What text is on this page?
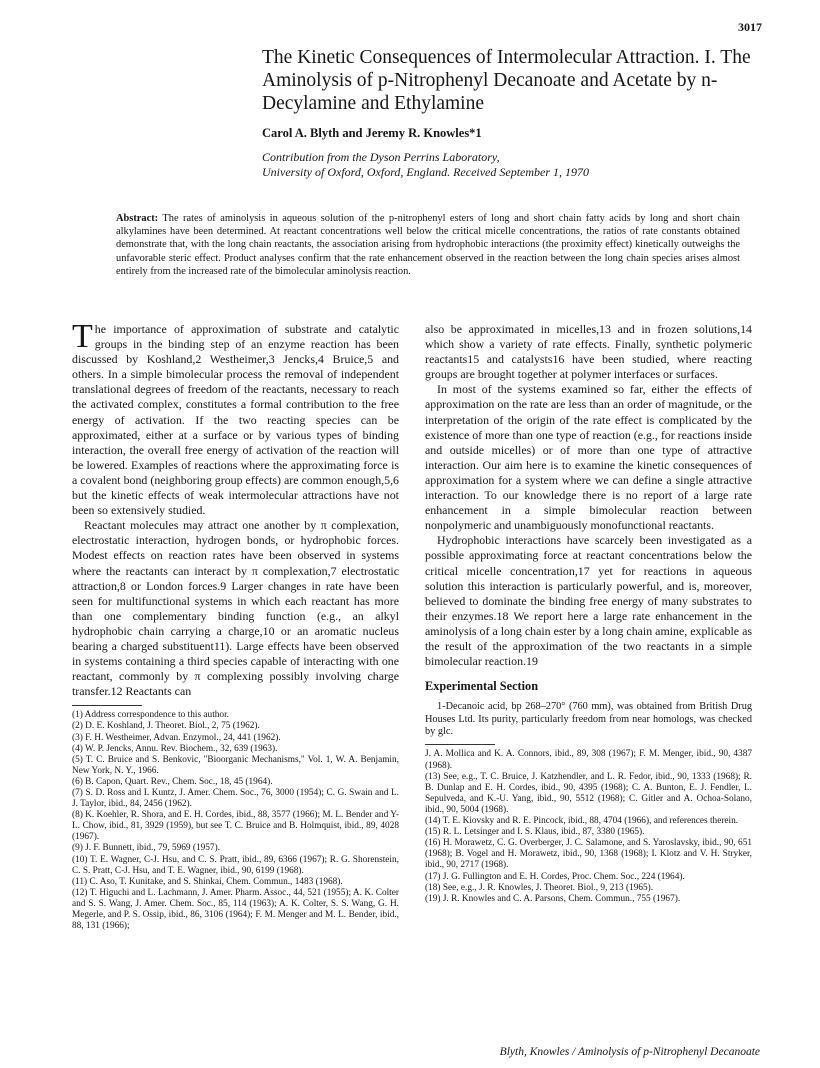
3017
The Kinetic Consequences of Intermolecular Attraction. I. The Aminolysis of p-Nitrophenyl Decanoate and Acetate by n-Decylamine and Ethylamine
Carol A. Blyth and Jeremy R. Knowles*1
Contribution from the Dyson Perrins Laboratory,
University of Oxford, Oxford, England. Received September 1, 1970
Abstract: The rates of aminolysis in aqueous solution of the p-nitrophenyl esters of long and short chain fatty acids by long and short chain alkylamines have been determined. At reactant concentrations well below the critical micelle concentrations, the ratios of rate constants obtained demonstrate that, with the long chain reactants, the association arising from hydrophobic interactions (the proximity effect) kinetically outweighs the unfavorable steric effect. Product analyses confirm that the rate enhancement observed in the reaction between the long chain species arises almost entirely from the increased rate of the bimolecular aminolysis reaction.

The importance of approximation of substrate and catalytic groups in the binding step of an enzyme reaction has been discussed by Koshland,2 Westheimer,3 Jencks,4 Bruice,5 and others. In a simple bimolecular process the removal of independent translational degrees of freedom of the reactants, necessary to reach the activated complex, constitutes a formal contribution to the free energy of activation. If the two reacting species can be approximated, either at a surface or by various types of binding interaction, the overall free energy of activation of the reaction will be lowered. Examples of reactions where the approximating force is a covalent bond (neighboring group effects) are common enough,5,6 but the kinetic effects of weak intermolecular attractions have not been so extensively studied.

Reactant molecules may attract one another by π complexation, electrostatic interaction, hydrogen bonds, or hydrophobic forces. Modest effects on reaction rates have been observed in systems where the reactants can interact by π complexation,7 electrostatic attraction,8 or London forces.9 Larger changes in rate have been seen for multifunctional systems in which each reactant has more than one complementary binding function (e.g., an alkyl hydrophobic chain carrying a charge,10 or an aromatic nucleus bearing a charged substituent11). Large effects have been observed in systems containing a third species capable of interacting with one reactant, commonly by π complexing possibly involving charge transfer.12 Reactants can

(1) Address correspondence to this author.
(2) D. E. Koshland, J. Theoret. Biol., 2, 75 (1962).
(3) F. H. Westheimer, Advan. Enzymol., 24, 441 (1962).
(4) W. P. Jencks, Annu. Rev. Biochem., 32, 639 (1963).
(5) T. C. Bruice and S. Benkovic, "Bioorganic Mechanisms," Vol. 1, W. A. Benjamin, New York, N. Y., 1966.
(6) B. Capon, Quart. Rev., Chem. Soc., 18, 45 (1964).
(7) S. D. Ross and I. Kuntz, J. Amer. Chem. Soc., 76, 3000 (1954); C. G. Swain and L. J. Taylor, ibid., 84, 2456 (1962).
(8) K. Koehler, R. Shora, and E. H. Cordes, ibid., 88, 3577 (1966); M. L. Bender and Y-L. Chow, ibid., 81, 3929 (1959), but see T. C. Bruice and B. Holmquist, ibid., 89, 4028 (1967).
(9) J. F. Bunnett, ibid., 79, 5969 (1957).
(10) T. E. Wagner, C-J. Hsu, and C. S. Pratt, ibid., 89, 6366 (1967); R. G. Shorenstein, C. S. Pratt, C-J. Hsu, and T. E. Wagner, ibid., 90, 6199 (1968).
(11) C. Aso, T. Kunitake, and S. Shinkai, Chem. Commun., 1483 (1968).
(12) T. Higuchi and L. Lachmann, J. Amer. Pharm. Assoc., 44, 521 (1955); A. K. Colter and S. S. Wang, J. Amer. Chem. Soc., 85, 114 (1963); A. K. Colter, S. S. Wang, G. H. Megerle, and P. S. Ossip, ibid., 86, 3106 (1964); F. M. Menger and M. L. Bender, ibid., 88, 131 (1966);

also be approximated in micelles,13 and in frozen solutions,14 which show a variety of rate effects. Finally, synthetic polymeric reactants15 and catalysts16 have been studied, where reacting groups are brought together at polymer interfaces or surfaces.

In most of the systems examined so far, either the effects of approximation on the rate are less than an order of magnitude, or the interpretation of the origin of the rate effect is complicated by the existence of more than one type of reaction (e.g., for reactions inside and outside micelles) or of more than one type of attractive interaction. Our aim here is to examine the kinetic consequences of approximation for a system where we can define a single attractive interaction. To our knowledge there is no report of a large rate enhancement in a simple bimolecular reaction between nonpolymeric and unambiguously monofunctional reactants.

Hydrophobic interactions have scarcely been investigated as a possible approximating force at reactant concentrations below the critical micelle concentration,17 yet for reactions in aqueous solution this interaction is particularly powerful, and is, moreover, believed to dominate the binding free energy of many substrates to their enzymes.18 We report here a large rate enhancement in the aminolysis of a long chain ester by a long chain amine, explicable as the result of the approximation of the two reactants in a simple bimolecular reaction.19

Experimental Section
1-Decanoic acid, bp 268–270° (760 mm), was obtained from British Drug Houses Ltd. Its purity, particularly freedom from near homologs, was checked by glc.
J. A. Mollica and K. A. Connors, ibid., 89, 308 (1967); F. M. Menger, ibid., 90, 4387 (1968).
(13) See, e.g., T. C. Bruice, J. Katzhendler, and L. R. Fedor, ibid., 90, 1333 (1968); R. B. Dunlap and E. H. Cordes, ibid., 90, 4395 (1968); C. A. Bunton, E. J. Fendler, L. Sepulveda, and K.-U. Yang, ibid., 90, 5512 (1968); C. Gitler and A. Ochoa-Solano, ibid., 90, 5004 (1968).
(14) T. E. Kiovsky and R. E. Pincock, ibid., 88, 4704 (1966), and references therein.
(15) R. L. Letsinger and I. S. Klaus, ibid., 87, 3380 (1965).
(16) H. Morawetz, C. G. Overberger, J. C. Salamone, and S. Yaroslavsky, ibid., 90, 651 (1968); B. Vogel and H. Morawetz, ibid., 90, 1368 (1968); I. Klotz and V. H. Stryker, ibid., 90, 2717 (1968).
(17) J. G. Fullington and E. H. Cordes, Proc. Chem. Soc., 224 (1964).
(18) See, e.g., J. R. Knowles, J. Theoret. Biol., 9, 213 (1965).
(19) J. R. Knowles and C. A. Parsons, Chem. Commun., 755 (1967).
Blyth, Knowles / Aminolysis of p-Nitrophenyl Decanoate
